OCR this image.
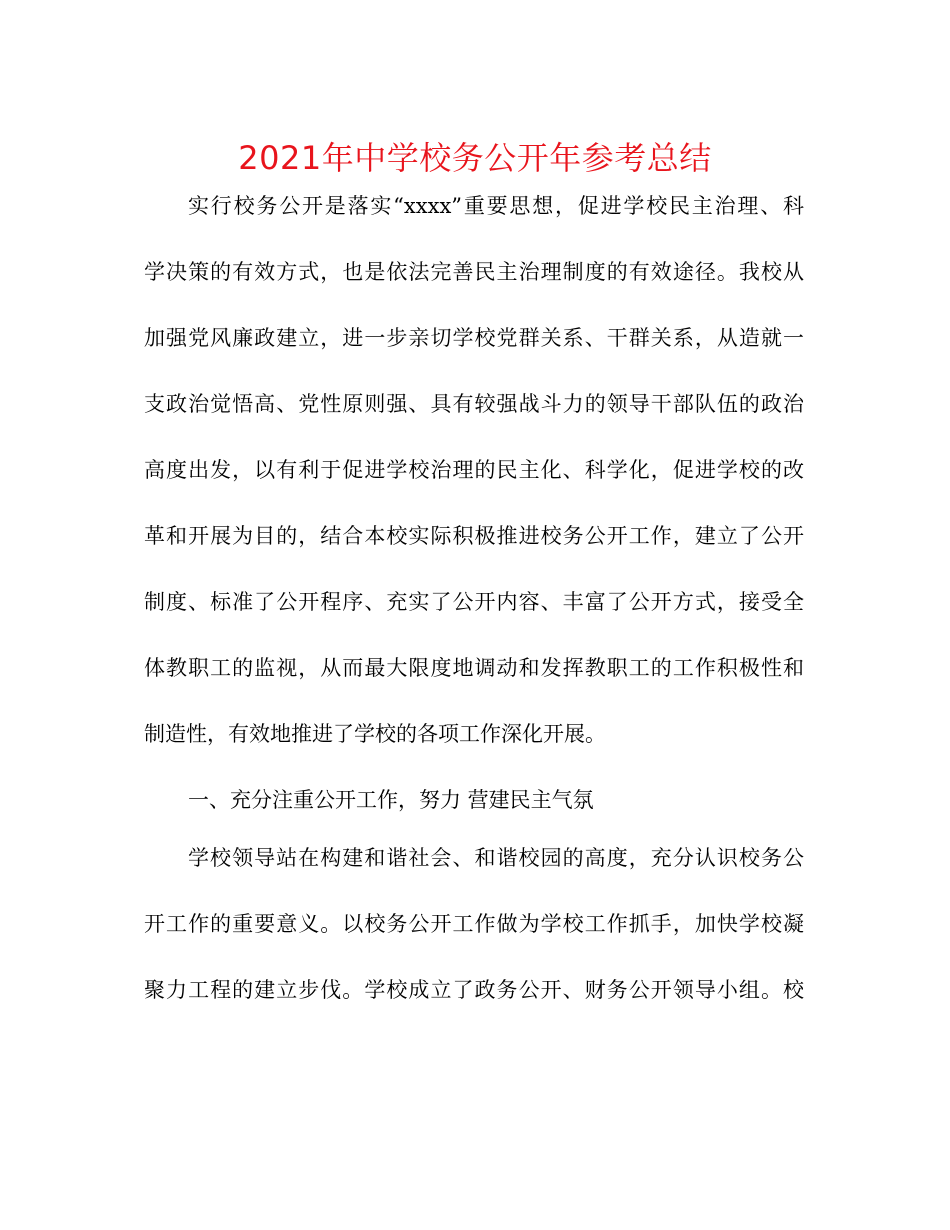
2021年中学校务公开年参考总结
实行校务公开是落实“xxxx”重要思想，促进学校民主治理、科
学决策的有效方式，也是依法完善民主治理制度的有效途径。我校从
加强党风廉政建立，进一步亲切学校党群关系、干群关系，从造就一
支政治觉悟高、党性原则强、具有较强战斗力的领导干部队伍的政治
高度出发，以有利于促进学校治理的民主化、科学化，促进学校的改
革和开展为目的，结合本校实际积极推进校务公开工作，建立了公开
制度、标准了公开程序、充实了公开内容、丰富了公开方式，接受全
体教职工的监视，从而最大限度地调动和发挥教职工的工作积极性和
制造性，有效地推进了学校的各项工作深化开展。
一、充分注重公开工作，努力 营建民主气氛
学校领导站在构建和谐社会、和谐校园的高度，充分认识校务公
开工作的重要意义。以校务公开工作做为学校工作抓手，加快学校凝
聚力工程的建立步伐。学校成立了政务公开、财务公开领导小组。校
